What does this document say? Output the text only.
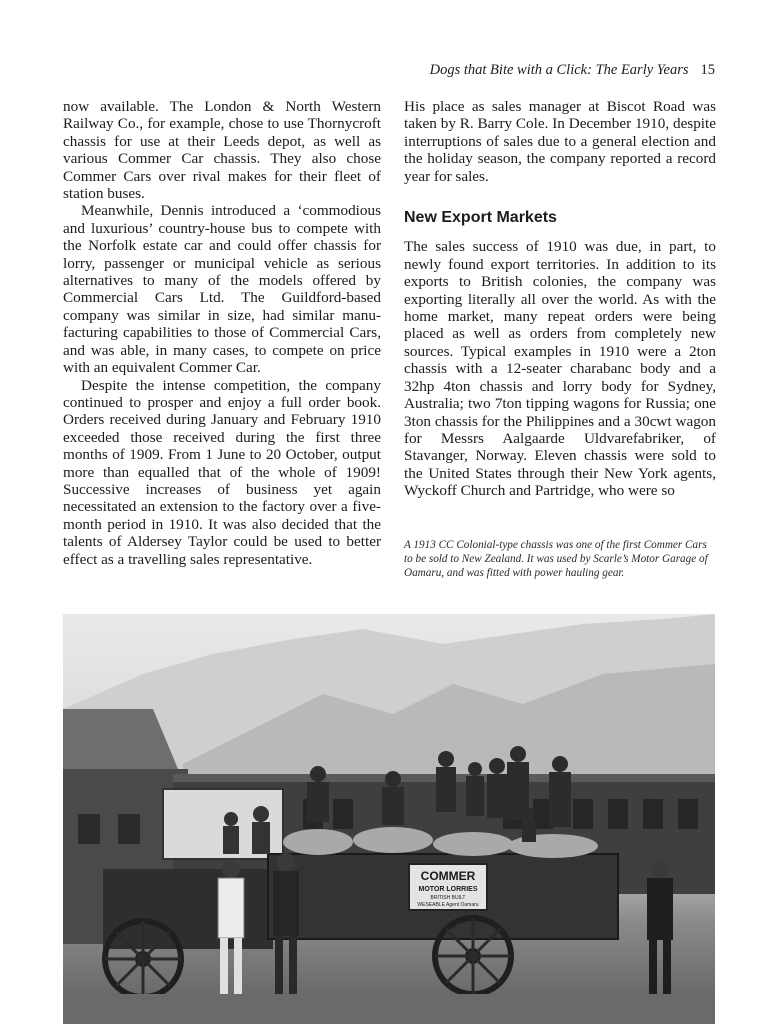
Dogs that Bite with a Click: The Early Years 15

now available. The London & North Western Railway Co., for example, chose to use Thornycroft chassis for use at their Leeds depot, as well as various Commer Car chassis. They also chose Commer Cars over rival makes for their fleet of station buses.

Meanwhile, Dennis introduced a ‘commodious and luxurious’ country-house bus to compete with the Norfolk estate car and could offer chassis for lorry, passenger or municipal vehicle as serious alternatives to many of the models offered by Commercial Cars Ltd. The Guildford-based company was similar in size, had similar manufacturing capabilities to those of Commercial Cars, and was able, in many cases, to compete on price with an equivalent Commer Car.

Despite the intense competition, the company continued to prosper and enjoy a full order book. Orders received during January and February 1910 exceeded those received during the first three months of 1909. From 1 June to 20 October, output more than equalled that of the whole of 1909! Successive increases of business yet again necessitated an extension to the factory over a five-month period in 1910. It was also decided that the talents of Aldersey Taylor could be used to better effect as a travelling sales representative.

His place as sales manager at Biscot Road was taken by R. Barry Cole. In December 1910, despite interruptions of sales due to a general election and the holiday season, the company reported a record year for sales.

New Export Markets

The sales success of 1910 was due, in part, to newly found export territories. In addition to its exports to British colonies, the company was exporting literally all over the world. As with the home market, many repeat orders were being placed as well as orders from completely new sources. Typical examples in 1910 were a 2ton chassis with a 12-seater charabanc body and a 32hp 4ton chassis and lorry body for Sydney, Australia; two 7ton tipping wagons for Russia; one 3ton chassis for the Philippines and a 30cwt wagon for Messrs Aalgaarde Uldvarefabriker, of Stavanger, Norway. Eleven chassis were sold to the United States through their New York agents, Wyckoff Church and Partridge, who were so

A 1913 CC Colonial-type chassis was one of the first Commer Cars to be sold to New Zealand. It was used by Scarle’s Motor Garage of Oamaru, and was fitted with power hauling gear.
COMMER
MOTOR LORRIES
BRITISH BUILT
WESEABLE Agent Oamaru
